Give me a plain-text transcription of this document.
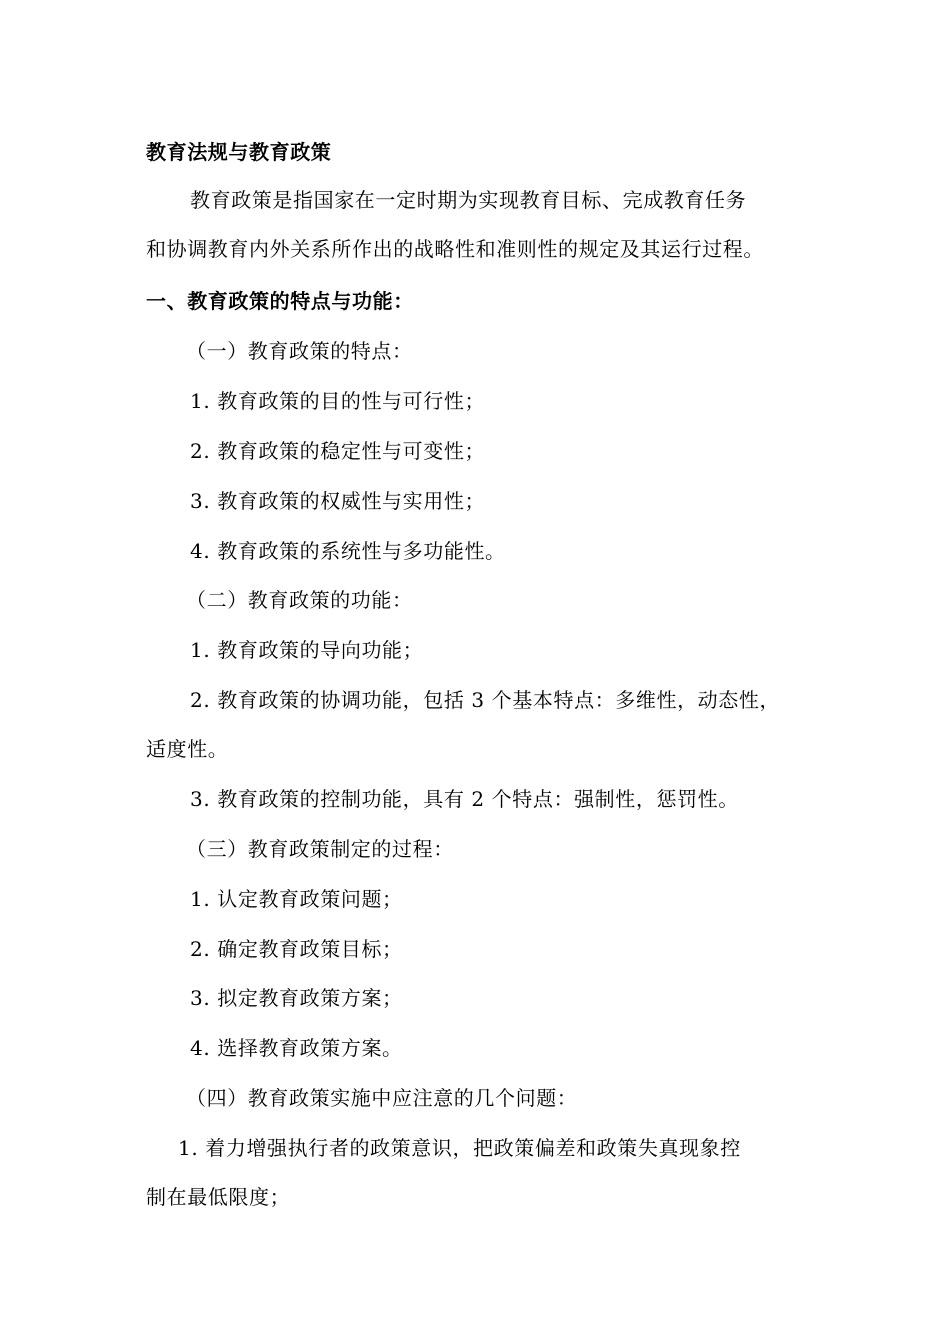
教育法规与教育政策
教育政策是指国家在一定时期为实现教育目标、完成教育任务
和协调教育内外关系所作出的战略性和准则性的规定及其运行过程。
一、教育政策的特点与功能：
（一）教育政策的特点：
1. 教育政策的目的性与可行性；
2. 教育政策的稳定性与可变性；
3. 教育政策的权威性与实用性；
4. 教育政策的系统性与多功能性。
（二）教育政策的功能：
1. 教育政策的导向功能；
2. 教育政策的协调功能，包括 3 个基本特点：多维性，动态性，
适度性。
3. 教育政策的控制功能，具有 2 个特点：强制性，惩罚性。
（三）教育政策制定的过程：
1. 认定教育政策问题；
2. 确定教育政策目标；
3. 拟定教育政策方案；
4. 选择教育政策方案。
（四）教育政策实施中应注意的几个问题：
1. 着力增强执行者的政策意识，把政策偏差和政策失真现象控
制在最低限度；
